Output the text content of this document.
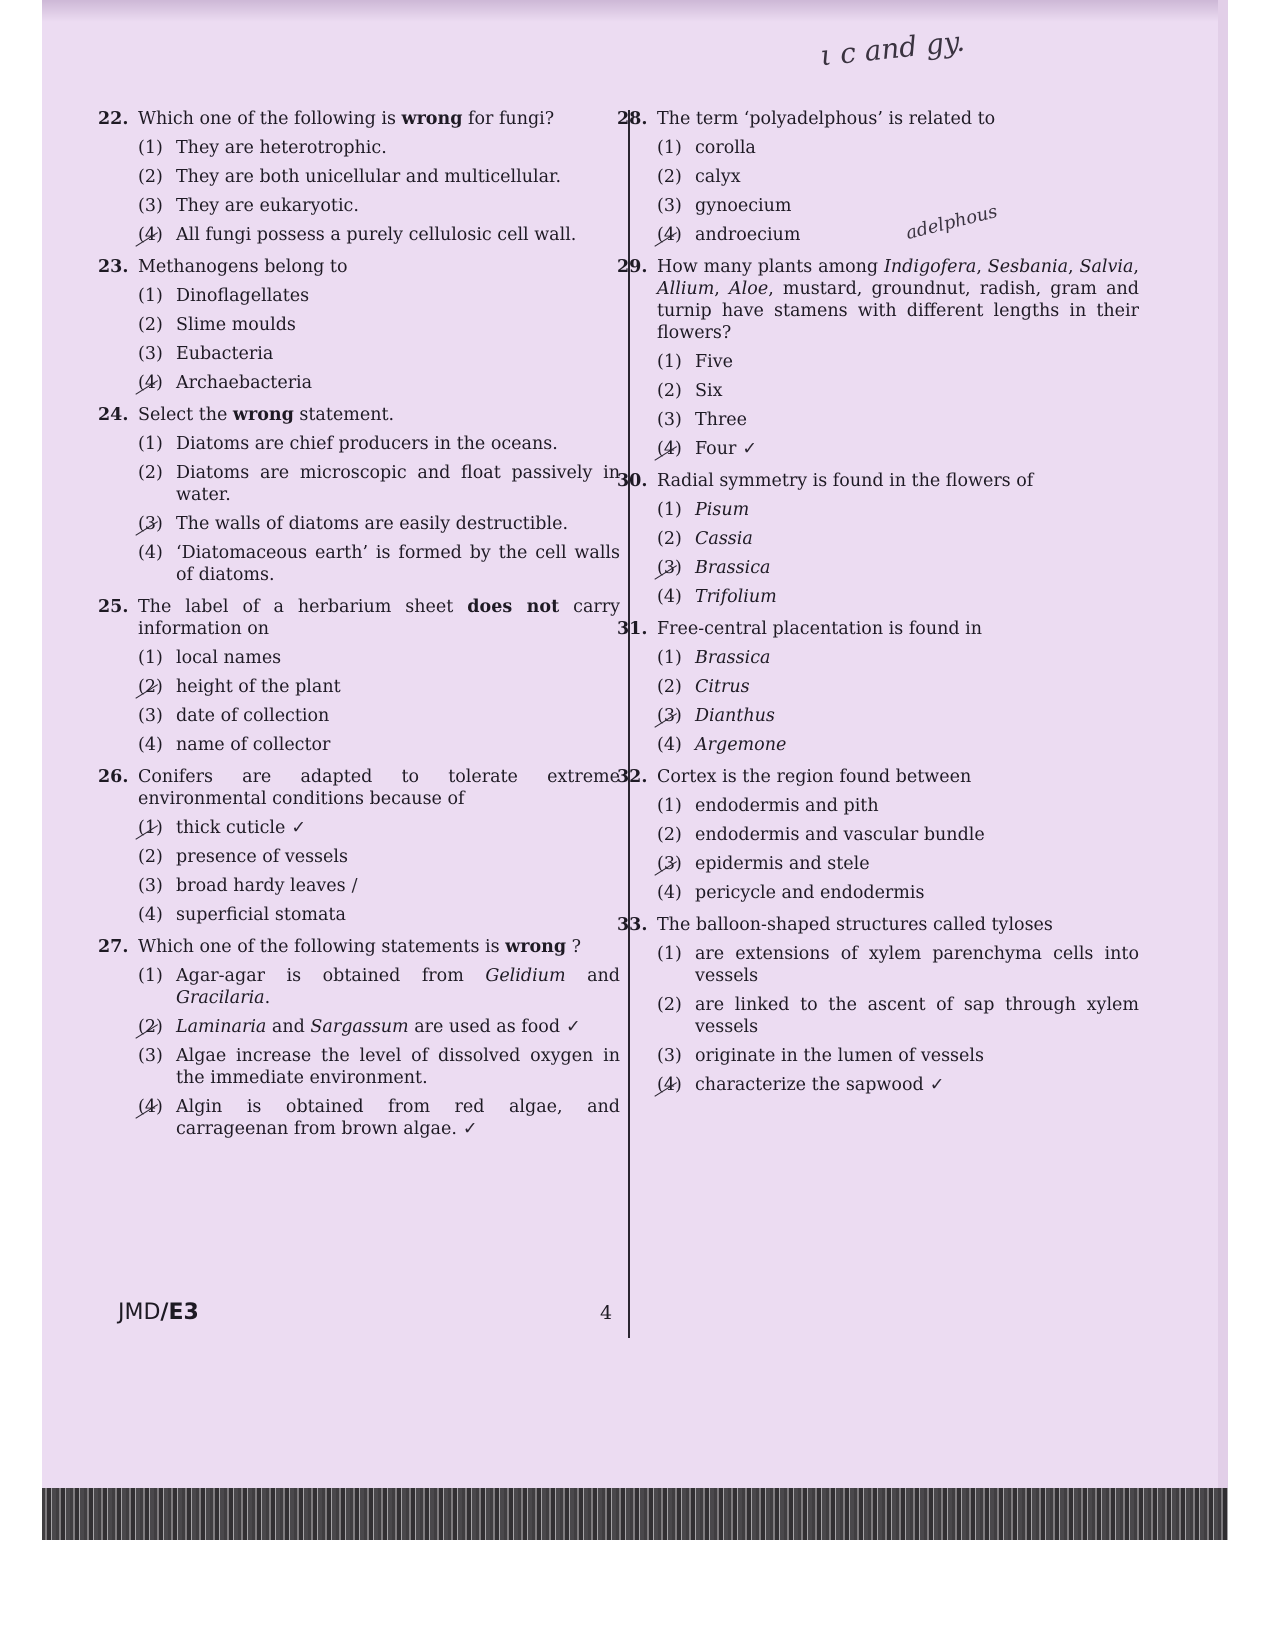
ι c and gy.
adelphous
22. Which one of the following is wrong for fungi?
(1) They are heterotrophic.
(2) They are both unicellular and multicellular.
(3) They are eukaryotic.
(4) All fungi possess a purely cellulosic cell wall.
23. Methanogens belong to
(1) Dinoflagellates
(2) Slime moulds
(3) Eubacteria
(4) Archaebacteria
24. Select the wrong statement.
(1) Diatoms are chief producers in the oceans.
(2) Diatoms are microscopic and float passively in water.
(3) The walls of diatoms are easily destructible.
(4) ‘Diatomaceous earth’ is formed by the cell walls of diatoms.
25. The label of a herbarium sheet does not carry information on
(1) local names
(2) height of the plant
(3) date of collection
(4) name of collector
26. Conifers are adapted to tolerate extreme environmental conditions because of
(1) thick cuticle ✓
(2) presence of vessels
(3) broad hardy leaves /
(4) superficial stomata
27. Which one of the following statements is wrong ?
(1) Agar-agar is obtained from Gelidium and Gracilaria.
(2) Laminaria and Sargassum are used as food ✓
(3) Algae increase the level of dissolved oxygen in the immediate environment.
(4) Algin is obtained from red algae, and carrageenan from brown algae. ✓
28. The term ‘polyadelphous’ is related to
(1) corolla
(2) calyx
(3) gynoecium
(4) androecium
29. How many plants among Indigofera, Sesbania, Salvia, Allium, Aloe, mustard, groundnut, radish, gram and turnip have stamens with different lengths in their flowers?
(1) Five
(2) Six
(3) Three
(4) Four ✓
30. Radial symmetry is found in the flowers of
(1) Pisum
(2) Cassia
(3) Brassica
(4) Trifolium
31. Free-central placentation is found in
(1) Brassica
(2) Citrus
(3) Dianthus
(4) Argemone
32. Cortex is the region found between
(1) endodermis and pith
(2) endodermis and vascular bundle
(3) epidermis and stele
(4) pericycle and endodermis
33. The balloon-shaped structures called tyloses
(1) are extensions of xylem parenchyma cells into vessels
(2) are linked to the ascent of sap through xylem vessels
(3) originate in the lumen of vessels
(4) characterize the sapwood ✓
JMD/E3	4
